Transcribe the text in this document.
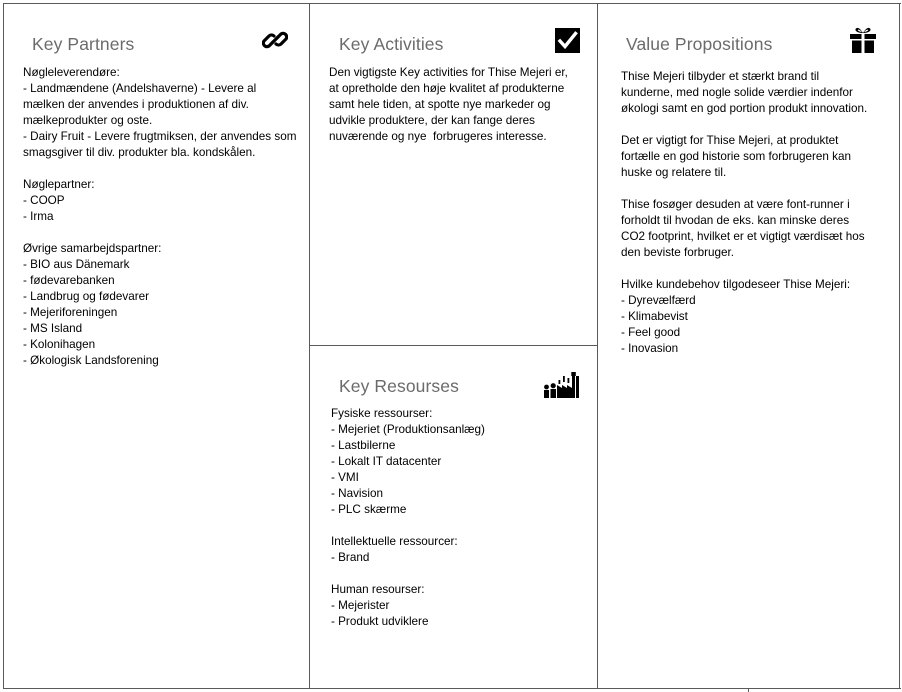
Key Partners
Nøgleleverendøre:
- Landmændene (Andelshaverne) - Levere al mælken der anvendes i produktionen af div. mælkeprodukter og oste.
- Dairy Fruit - Levere frugtmiksen, der anvendes som smagsgiver til div. produkter bla. kondskålen.

Nøglepartner:
- COOP
- Irma

Øvrige samarbejdspartner:
- BIO aus Dänemark
- fødevarebanken
- Landbrug og fødevarer
- Mejeriforeningen
- MS Island
- Kolonihagen
- Økologisk Landsforening
Key Activities
Den vigtigste Key activities for Thise Mejeri er, at opretholde den høje kvalitet af produkterne samt hele tiden, at spotte nye markeder og udvikle produktere, der kan fange deres nuværende og nye  forbrugeres interesse.
Key Resourses
Fysiske ressourser:
- Mejeriet (Produktionsanlæg)
- Lastbilerne
- Lokalt IT datacenter
- VMI
- Navision
- PLC skærme

Intellektuelle ressourcer:
- Brand

Human resourser:
- Mejerister
- Produkt udviklere
Value Propositions
Thise Mejeri tilbyder et stærkt brand til kunderne, med nogle solide værdier indenfor økologi samt en god portion produkt innovation.

Det er vigtigt for Thise Mejeri, at produktet fortælle en god historie som forbrugeren kan huske og relatere til.

Thise fosøger desuden at være font-runner i forholdt til hvodan de eks. kan minske deres CO2 footprint, hvilket er et vigtigt værdisæt hos den beviste forbruger.

Hvilke kundebehov tilgodeseer Thise Mejeri:
- Dyrevælfærd
- Klimabevist
- Feel good
- Inovasion
